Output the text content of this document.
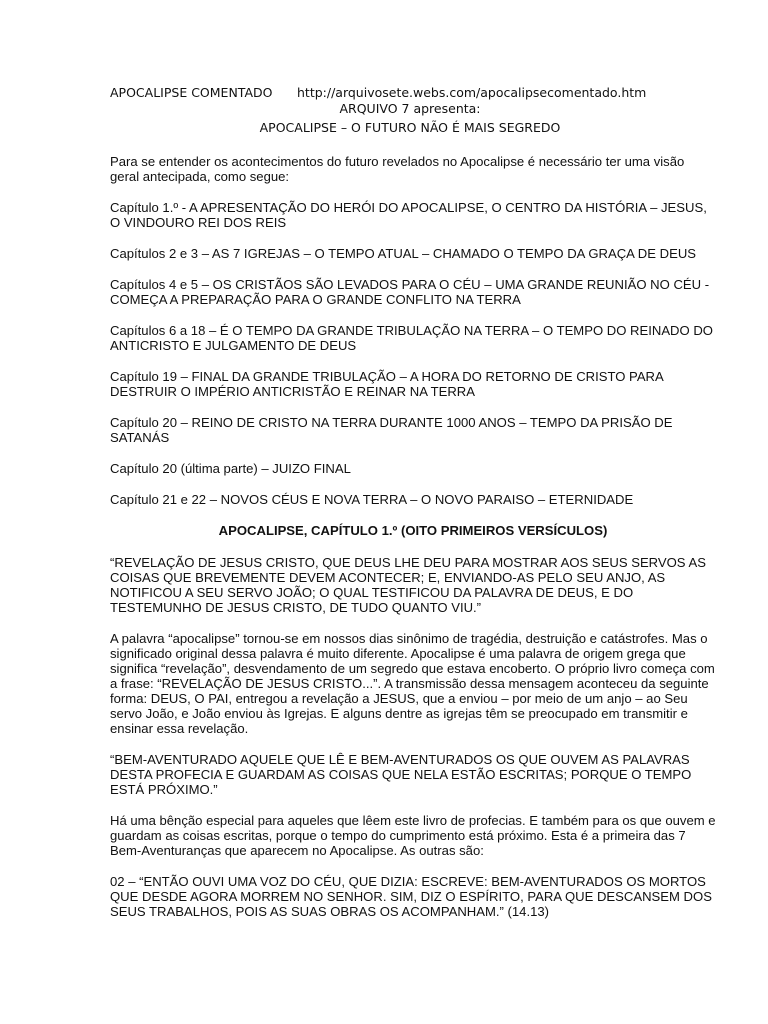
APOCALIPSE COMENTADO http://arquivosete.webs.com/apocalipsecomentado.htm
ARQUIVO 7 apresenta:
APOCALIPSE – O FUTURO NÃO É MAIS SEGREDO

Para se entender os acontecimentos do futuro revelados no Apocalipse é necessário ter uma visão geral antecipada, como segue:

Capítulo 1.º - A APRESENTAÇÃO DO HERÓI DO APOCALIPSE, O CENTRO DA HISTÓRIA – JESUS, O VINDOURO REI DOS REIS

Capítulos 2 e 3 – AS 7 IGREJAS – O TEMPO ATUAL – CHAMADO O TEMPO DA GRAÇA DE DEUS

Capítulos 4 e 5 – OS CRISTÃOS SÃO LEVADOS PARA O CÉU – UMA GRANDE REUNIÃO NO CÉU - COMEÇA A PREPARAÇÃO PARA O GRANDE CONFLITO NA TERRA

Capítulos 6 a 18 – É O TEMPO DA GRANDE TRIBULAÇÃO NA TERRA – O TEMPO DO REINADO DO ANTICRISTO E JULGAMENTO DE DEUS

Capítulo 19 – FINAL DA GRANDE TRIBULAÇÃO – A HORA DO RETORNO DE CRISTO PARA DESTRUIR O IMPÉRIO ANTICRISTÃO E REINAR NA TERRA

Capítulo 20 – REINO DE CRISTO NA TERRA DURANTE 1000 ANOS – TEMPO DA PRISÃO DE SATANÁS

Capítulo 20 (última parte) – JUIZO FINAL

Capítulo 21 e 22 – NOVOS CÉUS E NOVA TERRA – O NOVO PARAISO – ETERNIDADE

APOCALIPSE, CAPÍTULO 1.º (OITO PRIMEIROS VERSÍCULOS)

“REVELAÇÃO DE JESUS CRISTO, QUE DEUS LHE DEU PARA MOSTRAR AOS SEUS SERVOS AS COISAS QUE BREVEMENTE DEVEM ACONTECER; E, ENVIANDO-AS PELO SEU ANJO, AS NOTIFICOU A SEU SERVO JOÃO; O QUAL TESTIFICOU DA PALAVRA DE DEUS, E DO TESTEMUNHO DE JESUS CRISTO, DE TUDO QUANTO VIU.”

A palavra “apocalipse” tornou-se em nossos dias sinônimo de tragédia, destruição e catástrofes. Mas o significado original dessa palavra é muito diferente. Apocalipse é uma palavra de origem grega que significa “revelação”, desvendamento de um segredo que estava encoberto. O próprio livro começa com a frase: “REVELAÇÃO DE JESUS CRISTO...”. A transmissão dessa mensagem aconteceu da seguinte forma: DEUS, O PAI, entregou a revelação a JESUS, que a enviou – por meio de um anjo – ao Seu servo João, e João enviou às Igrejas. E alguns dentre as igrejas têm se preocupado em transmitir e ensinar essa revelação.

“BEM-AVENTURADO AQUELE QUE LÊ E BEM-AVENTURADOS OS QUE OUVEM AS PALAVRAS DESTA PROFECIA E GUARDAM AS COISAS QUE NELA ESTÃO ESCRITAS; PORQUE O TEMPO ESTÁ PRÓXIMO.”

Há uma bênção especial para aqueles que lêem este livro de profecias. E também para os que ouvem e guardam as coisas escritas, porque o tempo do cumprimento está próximo. Esta é a primeira das 7 Bem-Aventuranças que aparecem no Apocalipse. As outras são:

02 – “ENTÃO OUVI UMA VOZ DO CÉU, QUE DIZIA: ESCREVE: BEM-AVENTURADOS OS MORTOS QUE DESDE AGORA MORREM NO SENHOR. SIM, DIZ O ESPÍRITO, PARA QUE DESCANSEM DOS SEUS TRABALHOS, POIS AS SUAS OBRAS OS ACOMPANHAM.” (14.13)
